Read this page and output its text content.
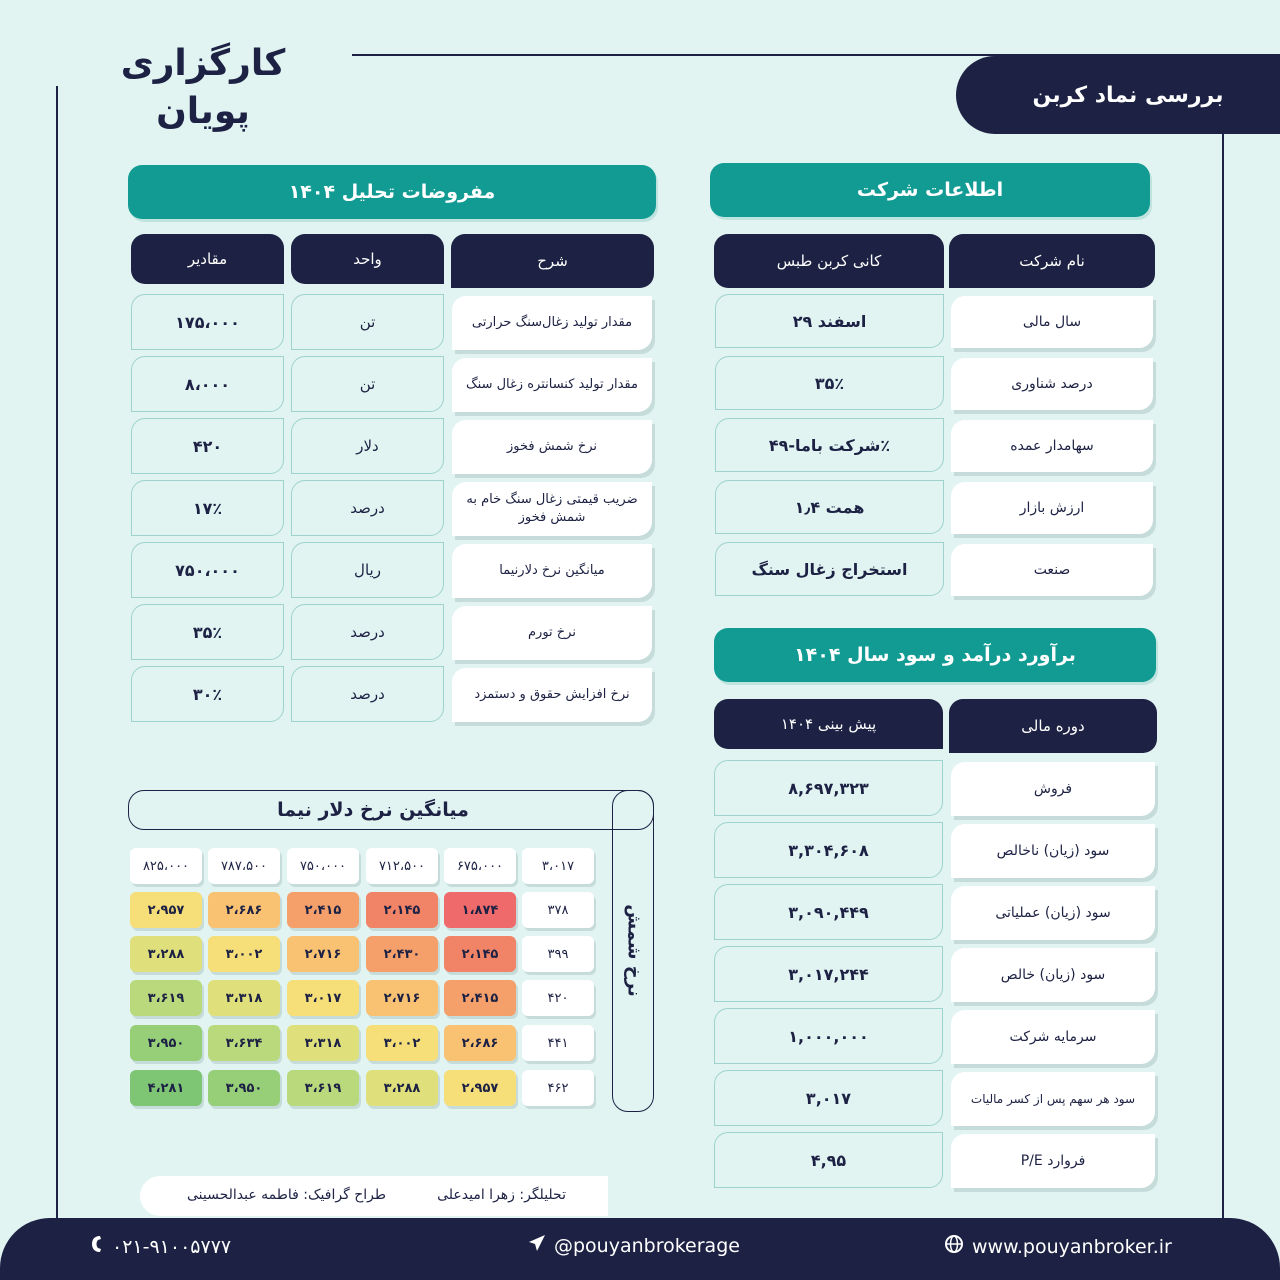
کارگزاری پویان	بررسی نماد کربن
اطلاعات شرکت
نام شرکت
کانی کربن طبس
سال مالی
۲۹ اسفند
درصد شناوری
۳۵٪
سهامدار عمده
شرکت باما-۴۹٪
ارزش بازار
۱٫۴ همت
صنعت
استخراج زغال سنگ
برآورد درآمد و سود سال ۱۴۰۴
دوره مالی
پیش بینی ۱۴۰۴
فروش
۸,۶۹۷,۳۲۳
سود (زیان) ناخالص
۳,۳۰۴,۶۰۸
سود (زیان) عملیاتی
۳,۰۹۰,۴۴۹
سود (زیان) خالص
۳,۰۱۷,۲۴۴
سرمایه شرکت
۱,۰۰۰,۰۰۰
سود هر سهم پس از کسر مالیات
۳,۰۱۷
P/E فروارد
۴,۹۵
مفروضات تحلیل ۱۴۰۴
شرح
واحد
مقادیر
مقدار تولید زغال‌سنگ حرارتی
تن
۱۷۵،۰۰۰
مقدار تولید کنسانتره زغال سنگ
تن
۸،۰۰۰
نرخ شمش فخوز
دلار
۴۲۰
ضریب قیمتی زغال سنگ خام به شمش فخوز
درصد
۱۷٪
میانگین نرخ دلارنیما
ریال
۷۵۰،۰۰۰
نرخ تورم
درصد
۳۵٪
نرخ افزایش حقوق و دستمزد
درصد
۳۰٪
میانگین نرخ دلار نیما
نرخ شمش
۳،۰۱۷
۶۷۵،۰۰۰
۷۱۲،۵۰۰
۷۵۰،۰۰۰
۷۸۷،۵۰۰
۸۲۵،۰۰۰
۳۷۸
۱،۸۷۴
۲،۱۴۵
۲،۴۱۵
۲،۶۸۶
۲،۹۵۷
۳۹۹
۲،۱۴۵
۲،۴۳۰
۲،۷۱۶
۳،۰۰۲
۳،۲۸۸
۴۲۰
۲،۴۱۵
۲،۷۱۶
۳،۰۱۷
۳،۳۱۸
۳،۶۱۹
۴۴۱
۲،۶۸۶
۳،۰۰۲
۳،۳۱۸
۳،۶۳۴
۳،۹۵۰
۴۶۲
۲،۹۵۷
۳،۲۸۸
۳،۶۱۹
۳،۹۵۰
۴،۲۸۱
تحلیلگر: زهرا امیدعلی
طراح گرافیک: فاطمه عبدالحسینی
www.pouyanbroker.ir
@pouyanbrokerage
۰۲۱-۹۱۰۰۵۷۷۷
